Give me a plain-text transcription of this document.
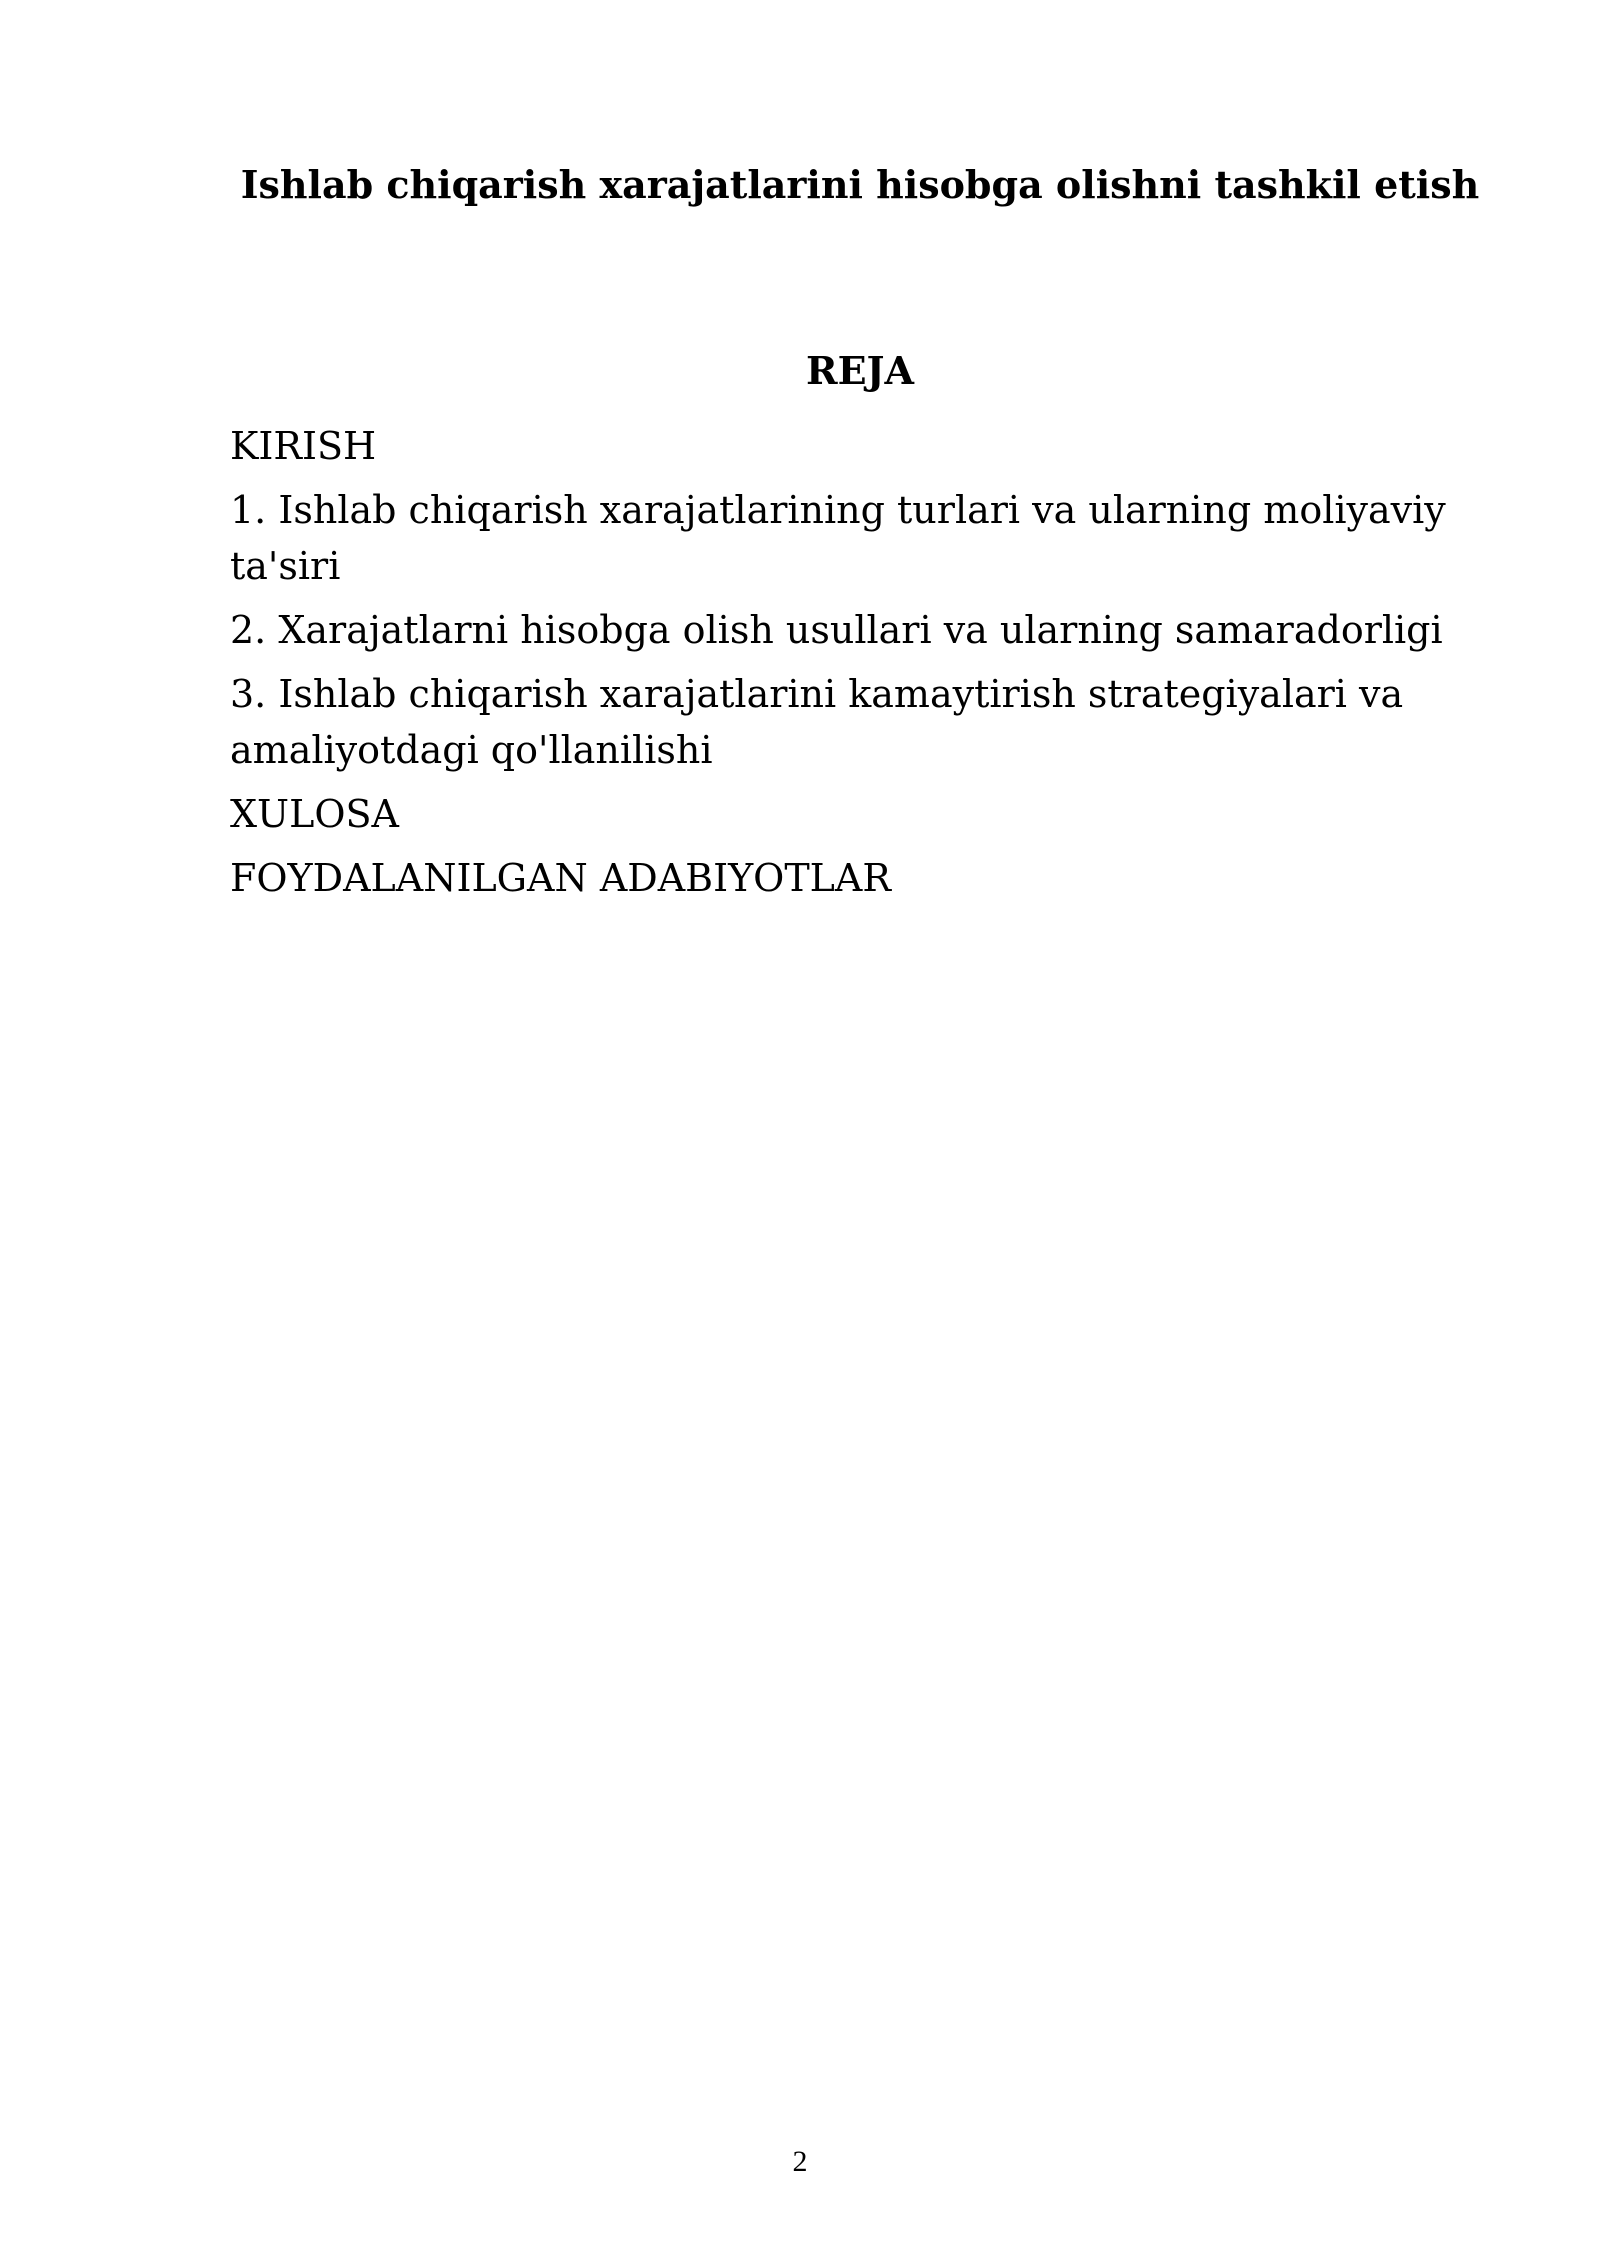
Ishlab chiqarish xarajatlarini hisobga olishni tashkil etish
REJA
KIRISH
1. Ishlab chiqarish xarajatlarining turlari va ularning moliyaviy ta'siri
2. Xarajatlarni hisobga olish usullari va ularning samaradorligi
3. Ishlab chiqarish xarajatlarini kamaytirish strategiyalari va amaliyotdagi qo'llanilishi
XULOSA
FOYDALANILGAN ADABIYOTLAR
2
